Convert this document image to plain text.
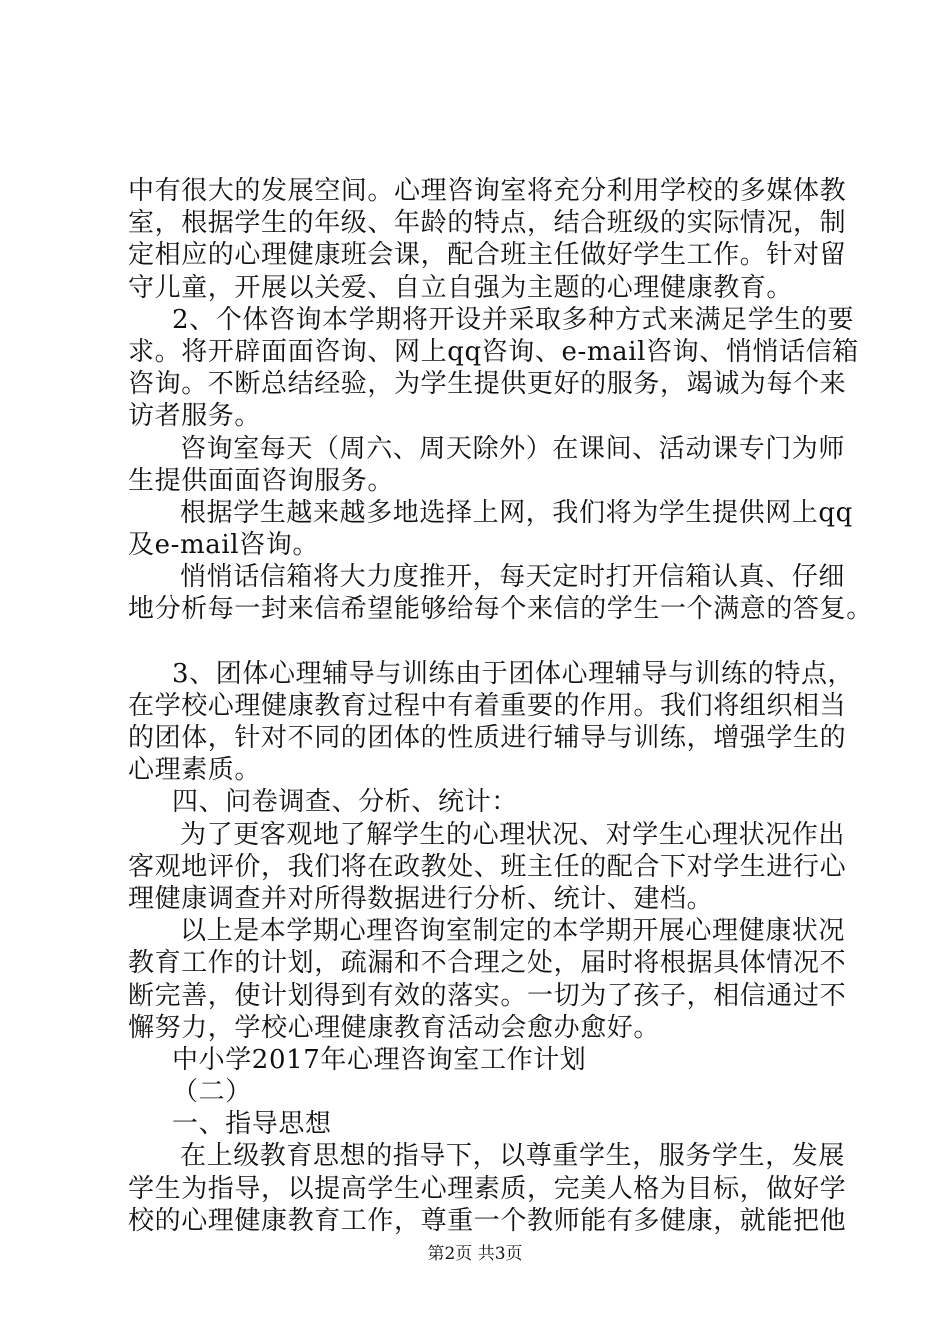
中有很大的发展空间。心理咨询室将充分利用学校的多媒体教
室，根据学生的年级、年龄的特点，结合班级的实际情况，制
定相应的心理健康班会课，配合班主任做好学生工作。针对留
守儿童，开展以关爱、自立自强为主题的心理健康教育。
2、个体咨询本学期将开设并采取多种方式来满足学生的要
求。将开辟面面咨询、网上qq咨询、e-mail咨询、悄悄话信箱
咨询。不断总结经验，为学生提供更好的服务，竭诚为每个来
访者服务。
咨询室每天（周六、周天除外）在课间、活动课专门为师
生提供面面咨询服务。
根据学生越来越多地选择上网，我们将为学生提供网上qq
及e-mail咨询。
悄悄话信箱将大力度推开，每天定时打开信箱认真、仔细
地分析每一封来信希望能够给每个来信的学生一个满意的答复。
3、团体心理辅导与训练由于团体心理辅导与训练的特点，
在学校心理健康教育过程中有着重要的作用。我们将组织相当
的团体，针对不同的团体的性质进行辅导与训练，增强学生的
心理素质。
四、问卷调查、分析、统计：
为了更客观地了解学生的心理状况、对学生心理状况作出
客观地评价，我们将在政教处、班主任的配合下对学生进行心
理健康调查并对所得数据进行分析、统计、建档。
以上是本学期心理咨询室制定的本学期开展心理健康状况
教育工作的计划，疏漏和不合理之处，届时将根据具体情况不
断完善，使计划得到有效的落实。一切为了孩子，相信通过不
懈努力，学校心理健康教育活动会愈办愈好。
中小学2017年心理咨询室工作计划
（二）
一、指导思想
在上级教育思想的指导下，以尊重学生，服务学生，发展
学生为指导，以提高学生心理素质，完美人格为目标，做好学
校的心理健康教育工作，尊重一个教师能有多健康，就能把他
第2页 共3页
